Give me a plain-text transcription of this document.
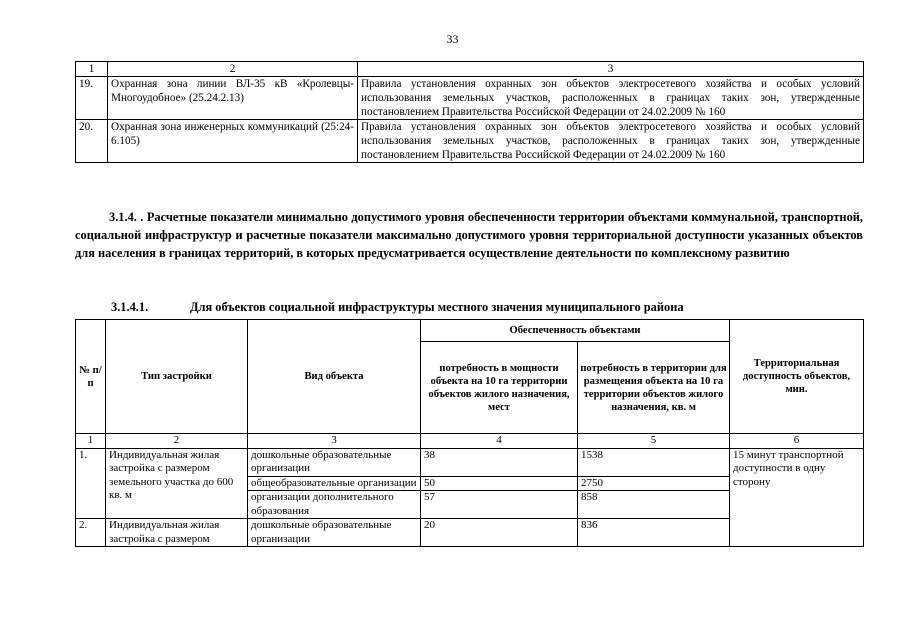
33
1	2	3
19.	Охранная зона линии ВЛ-35 кВ «Кролевцы-Многоудобное» (25.24.2.13)	Правила установления охранных зон объектов электросетевого хозяйства и особых условий использования земельных участков, расположенных в границах таких зон, утвержденные постановлением Правительства Российской Федерации от 24.02.2009 № 160
20.	Охранная зона инженерных коммуникаций (25:24-6.105)	Правила установления охранных зон объектов электросетевого хозяйства и особых условий использования земельных участков, расположенных в границах таких зон, утвержденные постановлением Правительства Российской Федерации от 24.02.2009 № 160

3.1.4. . Расчетные показатели минимально допустимого уровня обеспеченности территории объектами коммунальной, транспортной, социальной инфраструктур и расчетные показатели максимально допустимого уровня территориальной доступности указанных объектов для населения в границах территорий, в которых предусматривается осуществление деятельности по комплексному развитию

3.1.4.1.	Для объектов социальной инфраструктуры местного значения муниципального района
№ п/п	Тип застройки	Вид объекта	Обеспеченность объектами		Территориальная доступность объектов, мин.
			потребность в мощности объекта на 10 га территории объектов жилого назначения, мест	потребность в территории для размещения объекта на 10 га территории объектов жилого назначения, кв. м	
1	2	3	4	5	6
1.	Индивидуальная жилая застройка с размером земельного участка до 600 кв. м	дошкольные образовательные организации	38	1538	15 минут транспортной доступности в одну сторону
		общеобразовательные организации	50	2750	
		организации дополнительного образования	57	858	
2.	Индивидуальная жилая застройка с размером	дошкольные образовательные организации	20	836	
